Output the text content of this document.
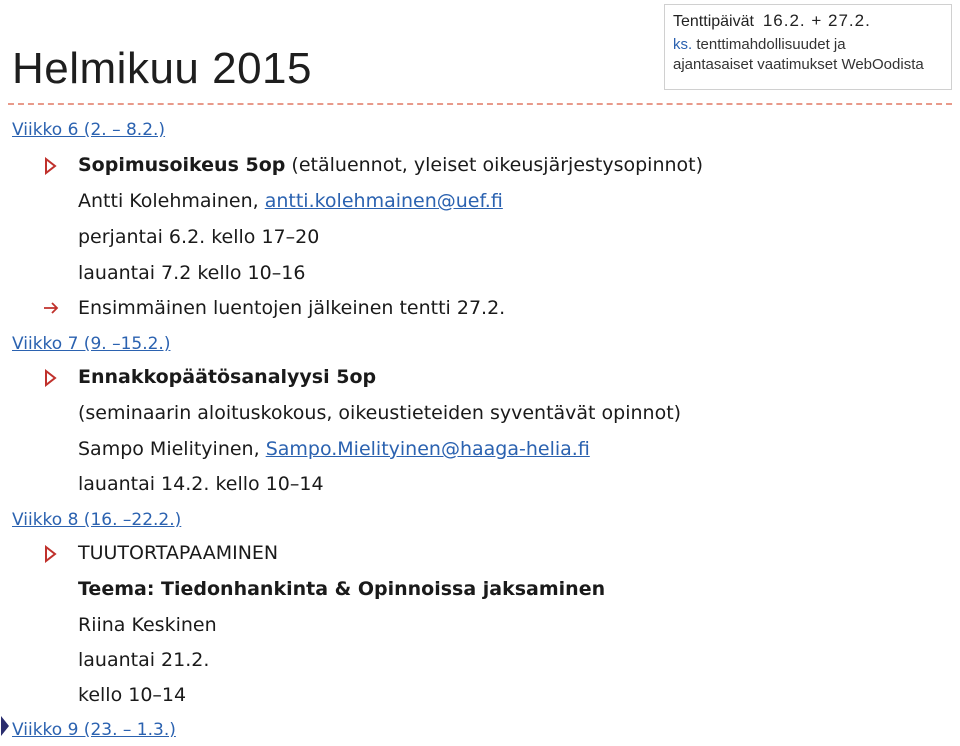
Helmikuu 2015
Tenttipäivät 16.2. + 27.2.
ks. tenttimahdollisuudet ja
ajantasaiset vaatimukset WebOodista
Viikko 6 (2. – 8.2.)
Sopimusoikeus 5op (etäluennot, yleiset oikeusjärjestysopinnot)
Antti Kolehmainen, antti.kolehmainen@uef.fi
perjantai 6.2. kello 17–20
lauantai 7.2 kello 10–16
Ensimmäinen luentojen jälkeinen tentti 27.2.
Viikko 7 (9. –15.2.)
Ennakkopäätösanalyysi 5op
(seminaarin aloituskokous, oikeustieteiden syventävät opinnot)
Sampo Mielityinen, Sampo.Mielityinen@haaga-helia.fi
lauantai 14.2. kello 10–14
Viikko 8 (16. –22.2.)
TUUTORTAPAAMINEN
Teema: Tiedonhankinta & Opinnoissa jaksaminen
Riina Keskinen
lauantai 21.2.
kello 10–14
Viikko 9 (23. – 1.3.)
